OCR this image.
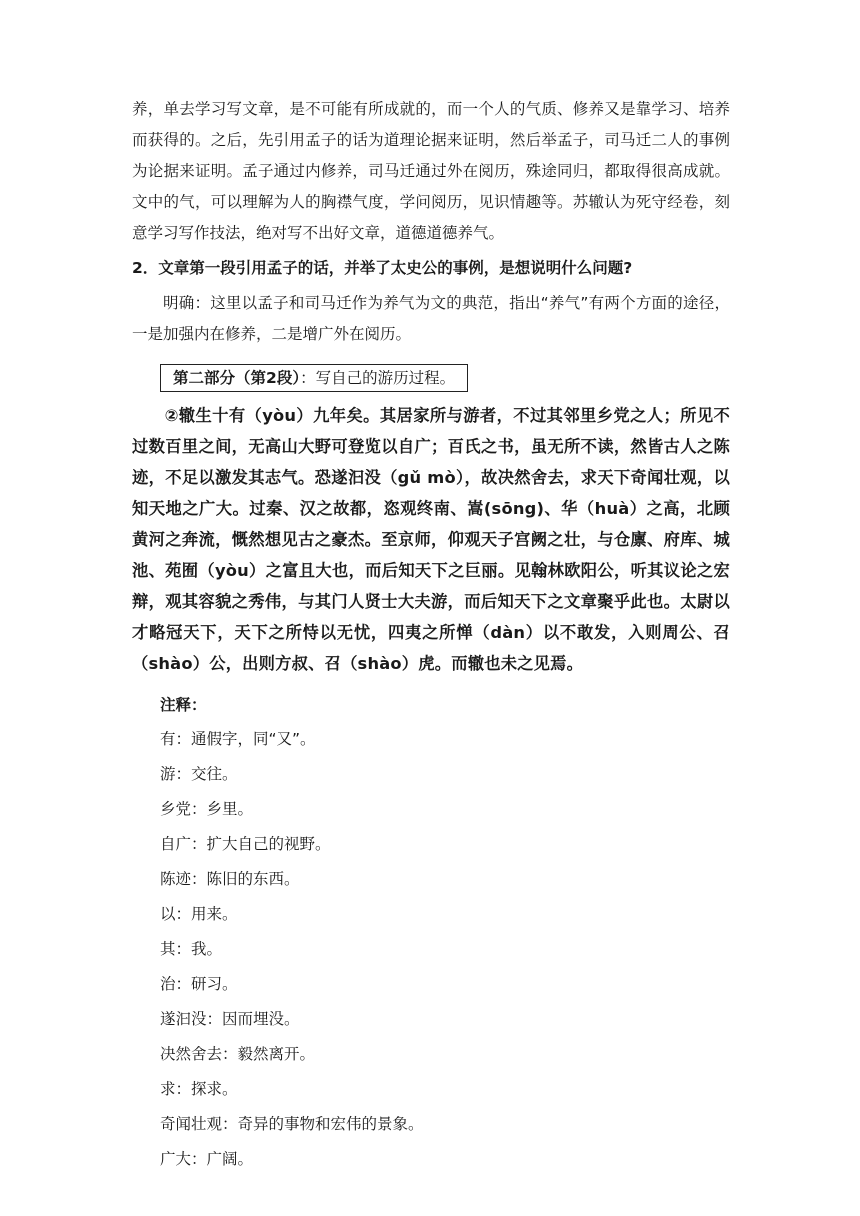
养，单去学习写文章，是不可能有所成就的，而一个人的气质、修养又是靠学习、培养而获得的。之后，先引用孟子的话为道理论据来证明，然后举孟子，司马迁二人的事例为论据来证明。孟子通过内修养，司马迁通过外在阅历，殊途同归，都取得很高成就。文中的气，可以理解为人的胸襟气度，学问阅历，见识情趣等。苏辙认为死守经卷，刻意学习写作技法，绝对写不出好文章，道德道德养气。

2．文章第一段引用孟子的话，并举了太史公的事例，是想说明什么问题?

明确：这里以孟子和司马迁作为养气为文的典范，指出“养气”有两个方面的途径，一是加强内在修养，二是增广外在阅历。

第二部分（第2段）：写自己的游历过程。

②辙生十有（yòu）九年矣。其居家所与游者，不过其邻里乡党之人；所见不过数百里之间，无高山大野可登览以自广；百氏之书，虽无所不读，然皆古人之陈迹，不足以激发其志气。恐遂汩没（gǔ mò），故决然舍去，求天下奇闻壮观，以知天地之广大。过秦、汉之故都，恣观终南、嵩(sōng)、华（huà）之高，北顾黄河之奔流，慨然想见古之豪杰。至京师，仰观天子宫阙之壮，与仓廪、府库、城池、苑囿（yòu）之富且大也，而后知天下之巨丽。见翰林欧阳公，听其议论之宏辩，观其容貌之秀伟，与其门人贤士大夫游，而后知天下之文章聚乎此也。太尉以才略冠天下，天下之所恃以无忧，四夷之所惮（dàn）以不敢发，入则周公、召（shào）公，出则方叔、召（shào）虎。而辙也未之见焉。

注释：

有：通假字，同“又”。

游：交往。

乡党：乡里。

自广：扩大自己的视野。

陈迹：陈旧的东西。

以：用来。

其：我。

治：研习。

遂汩没：因而埋没。

决然舍去：毅然离开。

求：探求。

奇闻壮观：奇异的事物和宏伟的景象。

广大：广阔。
